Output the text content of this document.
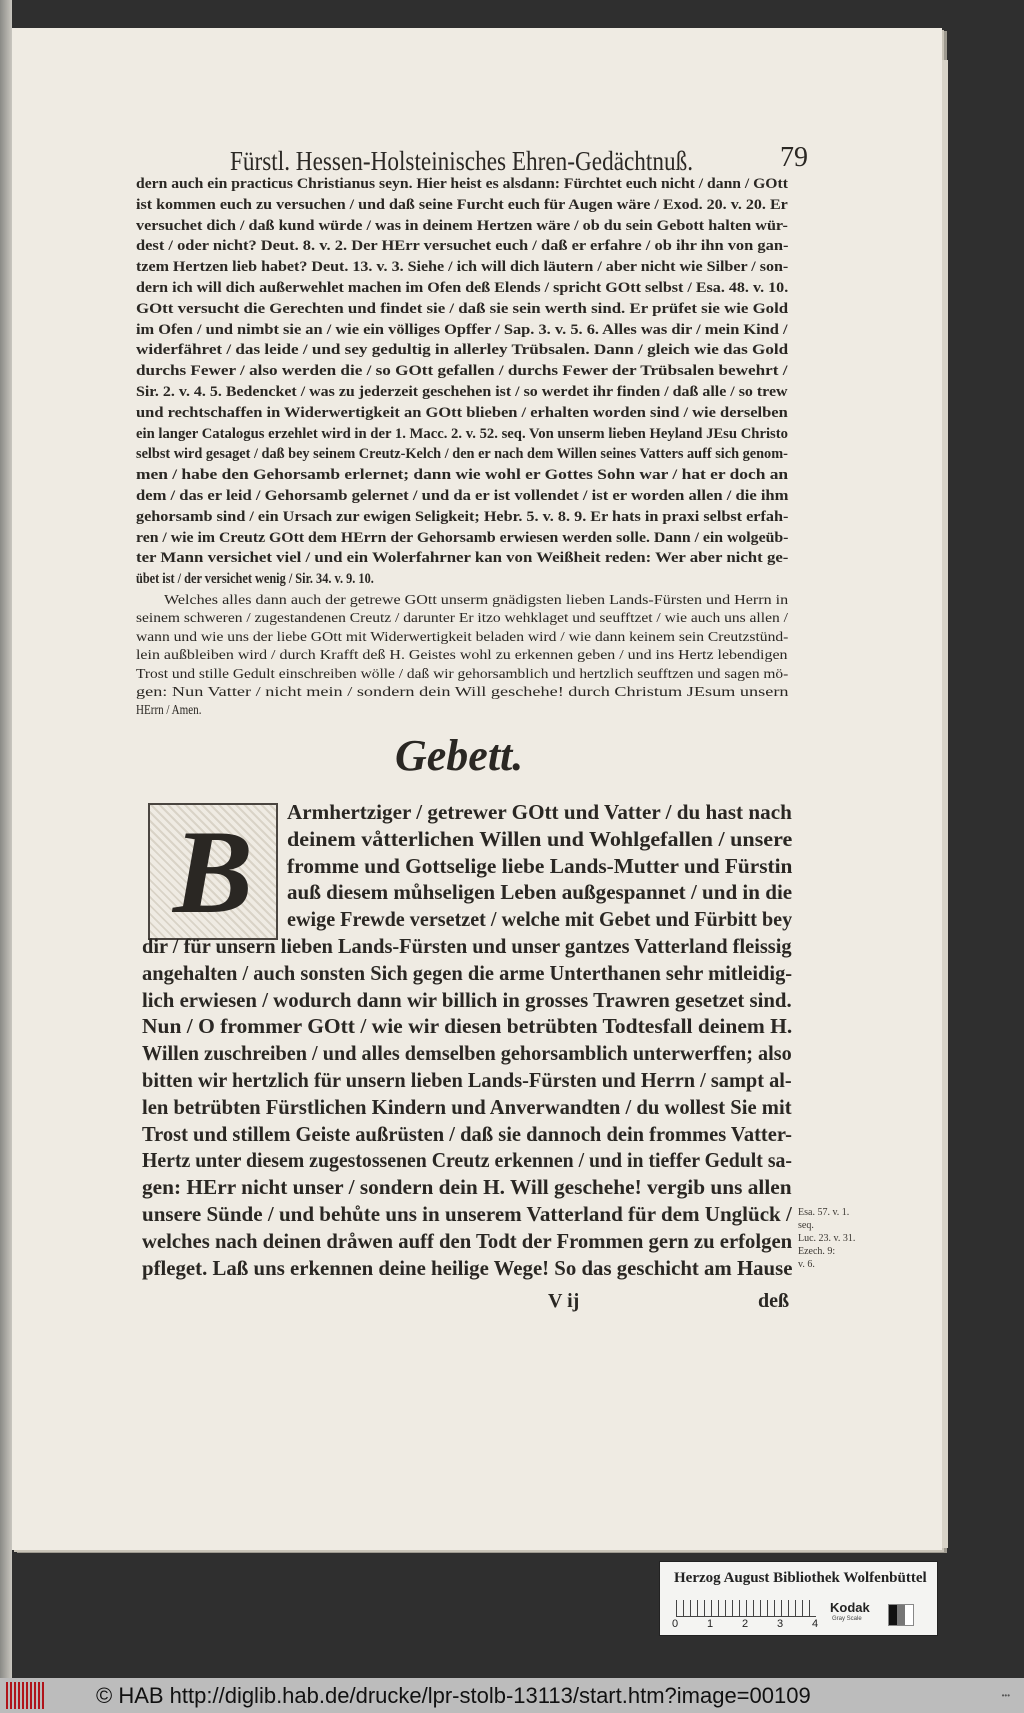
Fürstl. Hessen-Holsteinisches Ehren-Gedächtnuß.	79
dern auch ein practicus Christianus seyn. Hier heist es alsdann: Fürchtet euch nicht / dann / GOtt
ist kommen euch zu versuchen / und daß seine Furcht euch für Augen wäre / Exod. 20. v. 20. Er
versuchet dich / daß kund würde / was in deinem Hertzen wäre / ob du sein Gebott halten wür-
dest / oder nicht? Deut. 8. v. 2. Der HErr versuchet euch / daß er erfahre / ob ihr ihn von gan-
tzem Hertzen lieb habet? Deut. 13. v. 3. Siehe / ich will dich läutern / aber nicht wie Silber / son-
dern ich will dich außerwehlet machen im Ofen deß Elends / spricht GOtt selbst / Esa. 48. v. 10.
GOtt versucht die Gerechten und findet sie / daß sie sein werth sind. Er prüfet sie wie Gold
im Ofen / und nimbt sie an / wie ein völliges Opffer / Sap. 3. v. 5. 6. Alles was dir / mein Kind /
widerfähret / das leide / und sey gedultig in allerley Trübsalen. Dann / gleich wie das Gold
durchs Fewer / also werden die / so GOtt gefallen / durchs Fewer der Trübsalen bewehrt /
Sir. 2. v. 4. 5. Bedencket / was zu jederzeit geschehen ist / so werdet ihr finden / daß alle / so trew
und rechtschaffen in Widerwertigkeit an GOtt blieben / erhalten worden sind / wie derselben
ein langer Catalogus erzehlet wird in der 1. Macc. 2. v. 52. seq. Von unserm lieben Heyland JEsu Christo
selbst wird gesaget / daß bey seinem Creutz-Kelch / den er nach dem Willen seines Vatters auff sich genom-
men / habe den Gehorsamb erlernet; dann wie wohl er Gottes Sohn war / hat er doch an
dem / das er leid / Gehorsamb gelernet / und da er ist vollendet / ist er worden allen / die ihm
gehorsamb sind / ein Ursach zur ewigen Seligkeit; Hebr. 5. v. 8. 9. Er hats in praxi selbst erfah-
ren / wie im Creutz GOtt dem HErrn der Gehorsamb erwiesen werden solle. Dann / ein wolgeüb-
ter Mann versichet viel / und ein Wolerfahrner kan von Weißheit reden: Wer aber nicht ge-
übet ist / der versichet wenig / Sir. 34. v. 9. 10.
Welches alles dann auch der getrewe GOtt unserm gnädigsten lieben Lands-Fürsten und Herrn in
seinem schweren / zugestandenen Creutz / darunter Er itzo wehklaget und seufftzet / wie auch uns allen /
wann und wie uns der liebe GOtt mit Widerwertigkeit beladen wird / wie dann keinem sein Creutzstünd-
lein außbleiben wird / durch Krafft deß H. Geistes wohl zu erkennen geben / und ins Hertz lebendigen
Trost und stille Gedult einschreiben wölle / daß wir gehorsamblich und hertzlich seufftzen und sagen mö-
gen: Nun Vatter / nicht mein / sondern dein Will geschehe! durch Christum JEsum unsern
HErrn / Amen.
Gebett.
B Armhertziger / getrewer GOtt und Vatter / du hast nach
deinem våtterlichen Willen und Wohlgefallen / unsere
fromme und Gottselige liebe Lands-Mutter und Fürstin
auß diesem můhseligen Leben außgespannet / und in die
ewige Frewde versetzet / welche mit Gebet und Fürbitt bey
dir / für unsern lieben Lands-Fürsten und unser gantzes Vatterland fleissig
angehalten / auch sonsten Sich gegen die arme Unterthanen sehr mitleidig-
lich erwiesen / wodurch dann wir billich in grosses Trawren gesetzet sind.
Nun / O frommer GOtt / wie wir diesen betrübten Todtesfall deinem H.
Willen zuschreiben / und alles demselben gehorsamblich unterwerffen; also
bitten wir hertzlich für unsern lieben Lands-Fürsten und Herrn / sampt al-
len betrübten Fürstlichen Kindern und Anverwandten / du wollest Sie mit
Trost und stillem Geiste außrüsten / daß sie dannoch dein frommes Vatter-
Hertz unter diesem zugestossenen Creutz erkennen / und in tieffer Gedult sa-
gen: HErr nicht unser / sondern dein H. Will geschehe! vergib uns allen
unsere Sünde / und behůte uns in unserem Vatterland für dem Unglück /
welches nach deinen dråwen auff den Todt der Frommen gern zu erfolgen
pfleget. Laß uns erkennen deine heilige Wege! So das geschicht am Hause
Esa. 57. v. 1.
seq.
Luc. 23. v. 31.
Ezech. 9:
v. 6.
V ij	deß
Herzog August Bibliothek Wolfenbüttel
0	1	2	3	4
Kodak
Gray Scale
© HAB http://diglib.hab.de/drucke/lpr-stolb-13113/start.htm?image=00109	•••
